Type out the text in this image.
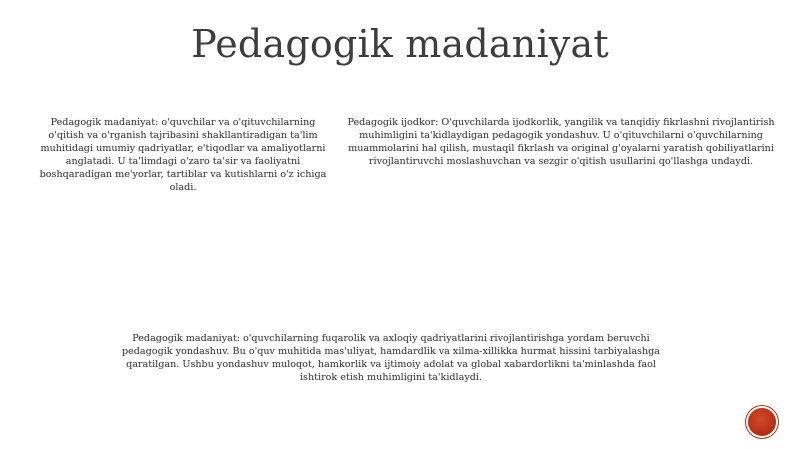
Pedagogik madaniyat
Pedagogik madaniyat: o'quvchilar va o'qituvchilarning o'qitish va o'rganish tajribasini shakllantiradigan ta'lim muhitidagi umumiy qadriyatlar, e'tiqodlar va amaliyotlarni anglatadi. U ta'limdagi o'zaro ta'sir va faoliyatni boshqaradigan me'yorlar, tartiblar va kutishlarni o'z ichiga oladi.
Pedagogik ijodkor: O'quvchilarda ijodkorlik, yangilik va tanqidiy fikrlashni rivojlantirish muhimligini ta'kidlaydigan pedagogik yondashuv. U o'qituvchilarni o'quvchilarning muammolarini hal qilish, mustaqil fikrlash va original g'oyalarni yaratish qobiliyatlarini rivojlantiruvchi moslashuvchan va sezgir o'qitish usullarini qo'llashga undaydi.
Pedagogik madaniyat: o'quvchilarning fuqarolik va axloqiy qadriyatlarini rivojlantirishga yordam beruvchi pedagogik yondashuv. Bu o'quv muhitida mas'uliyat, hamdardlik va xilma-xillikka hurmat hissini tarbiyalashga qaratilgan. Ushbu yondashuv muloqot, hamkorlik va ijtimoiy adolat va global xabardorlikni ta'minlashda faol ishtirok etish muhimligini ta'kidlaydi.
